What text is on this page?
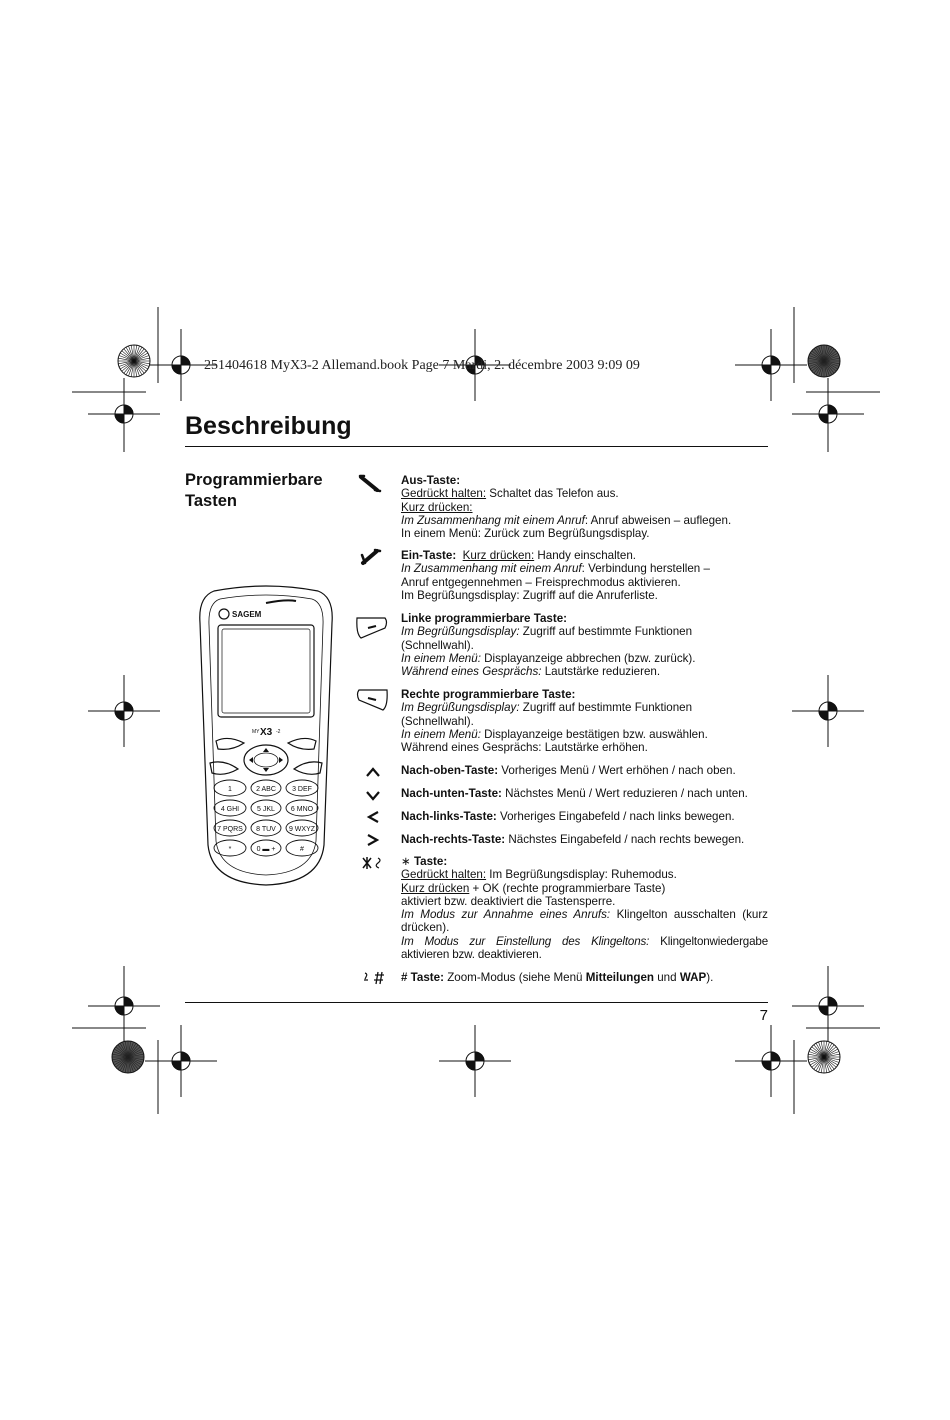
251404618 MyX3-2 Allemand.book Page 7 Mardi, 2. décembre 2003 9:09 09
Beschreibung
Programmierbare
Tasten
SAGEM
MY X3 -2
1	2 ABC 3 DEF
4 GHI	5 JKL 6 MNO
7 PQRS 8 TUV 9 WXYZ
*	0 ▬ +	#

Aus-Taste:

Gedrückt halten: Schaltet das Telefon aus.

Kurz drücken:

Im Zusammenhang mit einem Anruf: Anruf abweisen – auflegen.

In einem Menü: Zurück zum Begrüßungsdisplay.

Ein-Taste: Kurz drücken: Handy einschalten.

In Zusammenhang mit einem Anruf: Verbindung herstellen –

Anruf entgegennehmen – Freisprechmodus aktivieren.

Im Begrüßungsdisplay: Zugriff auf die Anruferliste.

Linke programmierbare Taste:

Im Begrüßungsdisplay: Zugriff auf bestimmte Funktionen

(Schnellwahl).

In einem Menü: Displayanzeige abbrechen (bzw. zurück).

Während eines Gesprächs: Lautstärke reduzieren.

Rechte programmierbare Taste:

Im Begrüßungsdisplay: Zugriff auf bestimmte Funktionen

(Schnellwahl).

In einem Menü: Displayanzeige bestätigen bzw. auswählen.

Während eines Gesprächs: Lautstärke erhöhen.

Nach-oben-Taste: Vorheriges Menü / Wert erhöhen / nach oben.

Nach-unten-Taste: Nächstes Menü / Wert reduzieren / nach unten.

Nach-links-Taste: Vorheriges Eingabefeld / nach links bewegen.

Nach-rechts-Taste: Nächstes Eingabefeld / nach rechts bewegen.

∗ Taste:

Gedrückt halten: Im Begrüßungsdisplay: Ruhemodus.

Kurz drücken + OK (rechte programmierbare Taste)

aktiviert bzw. deaktiviert die Tastensperre.

Im Modus zur Annahme eines Anrufs: Klingelton ausschalten (kurz drücken).

Im Modus zur Einstellung des Klingeltons: Klingeltonwiedergabe aktivieren bzw. deaktivieren.

# Taste: Zoom-Modus (siehe Menü Mitteilungen und WAP).

7
